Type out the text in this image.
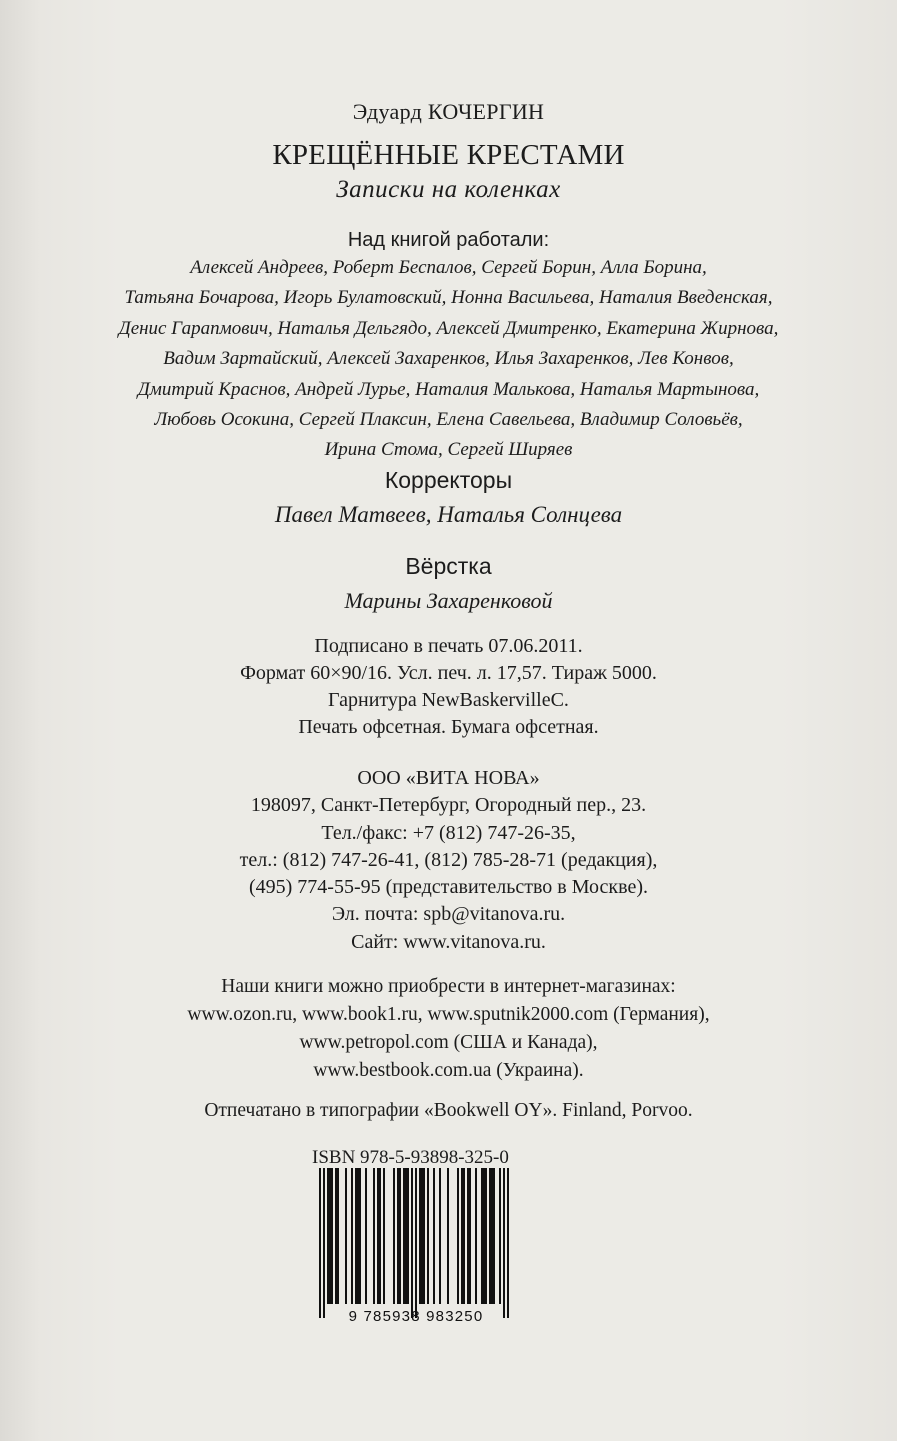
Эдуард КОЧЕРГИН
КРЕЩЁННЫЕ КРЕСТАМИ
Записки на коленках
Над книгой работали:
Алексей Андреев, Роберт Беспалов, Сергей Борин, Алла Борина,
Татьяна Бочарова, Игорь Булатовский, Нонна Васильева, Наталия Введенская,
Денис Гарапмович, Наталья Дельгядо, Алексей Дмитренко, Екатерина Жирнова,
Вадим Зартайский, Алексей Захаренков, Илья Захаренков, Лев Конвов,
Дмитрий Краснов, Андрей Лурье, Наталия Малькова, Наталья Мартынова,
Любовь Осокина, Сергей Плаксин, Елена Савельева, Владимир Соловьёв,
Ирина Стома, Сергей Ширяев
Корректоры
Павел Матвеев, Наталья Солнцева
Вёрстка
Марины Захаренковой
Подписано в печать 07.06.2011.
Формат 60×90/16. Усл. печ. л. 17,57. Тираж 5000.
Гарнитура NewBaskervilleC.
Печать офсетная. Бумага офсетная.
ООО «ВИТА НОВА»
198097, Санкт-Петербург, Огородный пер., 23.
Тел./факс: +7 (812) 747-26-35,
тел.: (812) 747-26-41, (812) 785-28-71 (редакция),
(495) 774-55-95 (представительство в Москве).
Эл. почта: spb@vitanova.ru.
Сайт: www.vitanova.ru.
Наши книги можно приобрести в интернет-магазинах:
www.ozon.ru, www.book1.ru, www.sputnik2000.com (Германия),
www.petropol.com (США и Канада),
www.bestbook.com.ua (Украина).
Отпечатано в типографии «Bookwell OY». Finland, Porvoo.
ISBN 978-5-93898-325-0
9 785938 983250
